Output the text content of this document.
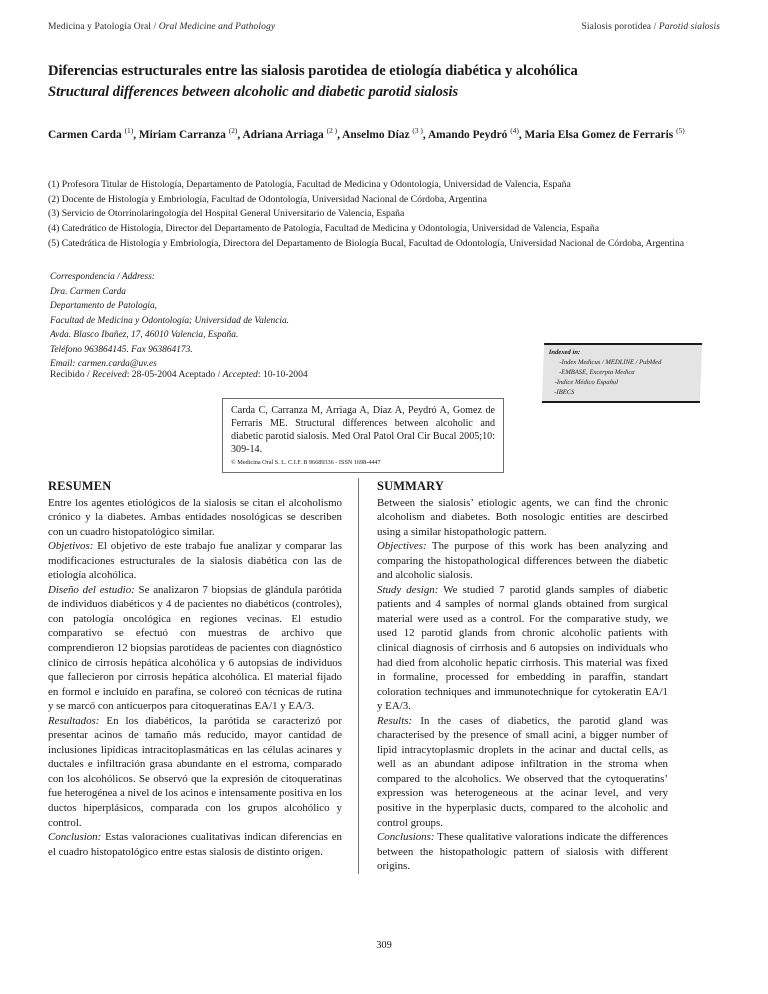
Medicina y Patología Oral / Oral Medicine and Pathology	Sialosis porotídea / Parotid sialosis
Diferencias estructurales entre las sialosis parotidea de etiología diabética y alcohólica
Structural differences between alcoholic and diabetic parotid sialosis
Carmen Carda $^{(1)}$, Miriam Carranza $^{(2)}$, Adriana Arriaga $^{(2 )}$, Anselmo Díaz $^{(3 )}$, Amando Peydró $^{(4)}$, Maria Elsa Gomez de Ferraris $^{(5)}$
(1) Profesora Titular de Histología, Departamento de Patología, Facultad de Medicina y Odontología, Universidad de Valencia, España
(2) Docente de Histología y Embriología, Facultad de Odontología, Universidad Nacional de Córdoba, Argentina
(3) Servicio de Otorrinolaringología del Hospital General Universitario de Valencia, España
(4) Catedrático de Histología, Director del Departamento de Patología, Facultad de Medicina y Odontología, Universidad de Valencia, España
(5) Catedrática de Histología y Embriología, Directora del Departamento de Biología Bucal, Facultad de Odontología, Universidad Nacional de Córdoba, Argentina
Correspondencia / Address:
Dra. Carmen Carda
Departamento de Patología,
Facultad de Medicina y Odontología; Universidad de Valencia.
Avda. Blasco Ibañez, 17, 46010 Valencia, España.
Teléfono 963864145. Fax 963864173.
Email: carmen.carda@uv.es
Recibido / Received: 28-05-2004 Aceptado / Accepted: 10-10-2004
Indexed in:
-Index Medicus / MEDLINE / PubMed
-EMBASE, Excerpta Medica
-Indice Médico Español
-IBECS
Carda C, Carranza M, Arriaga A, Díaz A, Peydró A, Gomez de Ferraris ME. Structural differences between alcoholic and diabetic parotid sialosis. Med Oral Patol Oral Cir Bucal 2005;10: 309-14.
© Medicina Oral S. L. C.I.F. B 96689336 - ISSN 1698-4447
RESUMEN

Entre los agentes etiológicos de la sialosis se citan el alcoholismo crónico y la diabetes. Ambas entidades nosológicas se describen con un cuadro histopatológico similar.

Objetivos: El objetivo de este trabajo fue analizar y comparar las modificaciones estructurales de la sialosis diabética con las de etiología alcohólica.

Diseño del estudio: Se analizaron 7 biopsias de glándula parótida de individuos diabéticos y 4 de pacientes no diabéticos (controles), con patología oncológica en regiones vecinas. El estudio comparativo se efectuó con muestras de archivo que comprendieron 12 biopsias parotídeas de pacientes con diagnóstico clínico de cirrosis hepática alcohólica y 6 autopsias de individuos que fallecieron por cirrosis hepática alcohólica. El material fijado en formol e incluído en parafina, se coloreó con técnicas de rutina y se marcó con anticuerpos para citoqueratinas EA/1 y EA/3.

Resultados: En los diabéticos, la parótida se caracterizó por presentar acinos de tamaño más reducido, mayor cantidad de inclusiones lipídicas intracitoplasmáticas en las células acinares y ductales e infiltración grasa abundante en el estroma, comparado con los alcohólicos. Se observó que la expresión de citoqueratinas fue heterogénea a nivel de los acinos e intensamente positiva en los ductos hiperplásicos, comparada con los grupos alcohólico y control.

Conclusion: Estas valoraciones cualitativas indican diferencias en el cuadro histopatológico entre estas sialosis de distinto origen.

SUMMARY

Between the sialosis’ etiologic agents, we can find the chronic alcoholism and diabetes. Both nosologic entities are descirbed using a similar histopathologic pattern.

Objectives: The purpose of this work has been analyzing and comparing the histopathological differences between the diabetic and alcoholic sialosis.

Study design: We studied 7 parotid glands samples of diabetic patients and 4 samples of normal glands obtained from surgical material were used as a control. For the comparative study, we used 12 parotid glands from chronic alcoholic patients with clinical diagnosis of cirrhosis and 6 autopsies on individuals who had died from alcoholic hepatic cirrhosis. This material was fixed in formaline, processed for embedding in paraffin, standart coloration techniques and immunotechnique for cytokeratin EA/1 y EA/3.

Results: In the cases of diabetics, the parotid gland was characterised by the presence of small acini, a bigger number of lipid intracytoplasmic droplets in the acinar and ductal cells, as well as an abundant adipose infiltration in the stroma when compared to the alcoholics. We observed that the cytoqueratins’ expression was heterogeneous at the acinar level, and very positive in the hyperplasic ducts, compared to the alcoholic and control groups.

Conclusions: These qualitative valorations indicate the differences between the histopathologic pattern of sialosis with different origins.

309
